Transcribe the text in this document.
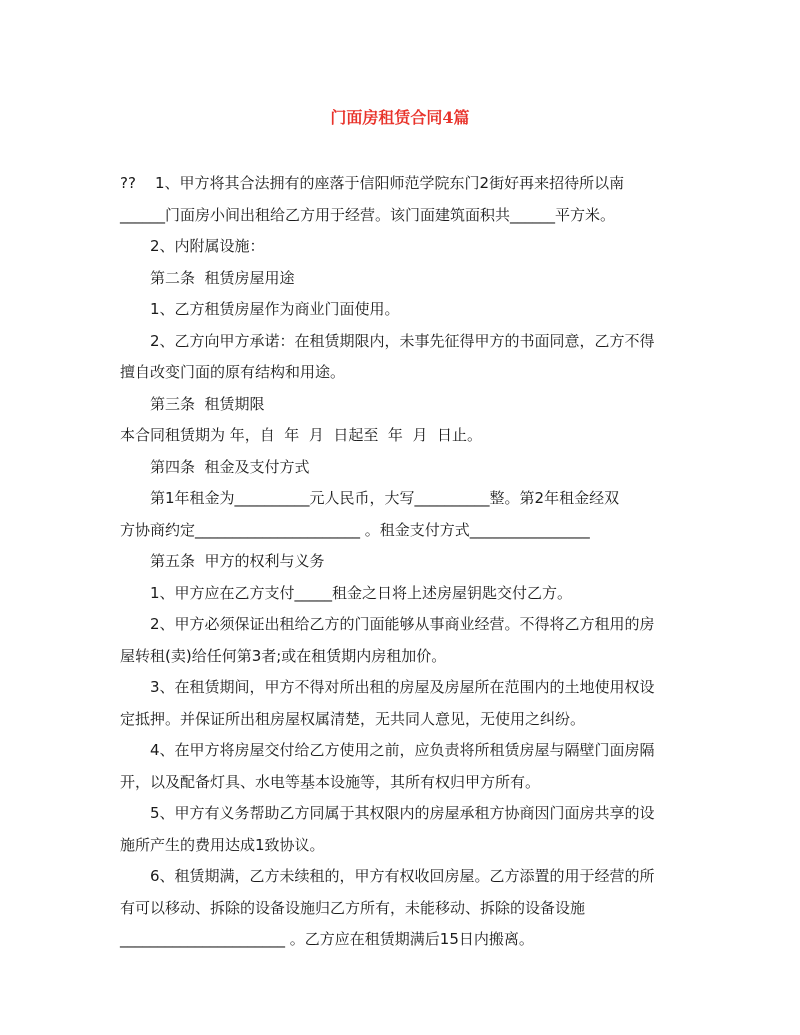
门面房租赁合同4篇

??    1、甲方将其合法拥有的座落于信阳师范学院东门2街好再来招待所以南

______门面房小间出租给乙方用于经营。该门面建筑面积共______平方米。

2、内附属设施：

第二条  租赁房屋用途

1、乙方租赁房屋作为商业门面使用。

2、乙方向甲方承诺：在租赁期限内，未事先征得甲方的书面同意，乙方不得

擅自改变门面的原有结构和用途。

第三条  租赁期限

本合同租赁期为 年，自  年  月  日起至  年  月  日止。

第四条  租金及支付方式

第1年租金为__________元人民币，大写__________整。第2年租金经双

方协商约定______________________ 。租金支付方式________________

第五条  甲方的权利与义务

1、甲方应在乙方支付_____租金之日将上述房屋钥匙交付乙方。

2、甲方必须保证出租给乙方的门面能够从事商业经营。不得将乙方租用的房

屋转租(卖)给任何第3者;或在租赁期内房租加价。

3、在租赁期间，甲方不得对所出租的房屋及房屋所在范围内的土地使用权设

定抵押。并保证所出租房屋权属清楚，无共同人意见，无使用之纠纷。

4、在甲方将房屋交付给乙方使用之前，应负责将所租赁房屋与隔壁门面房隔

开，以及配备灯具、水电等基本设施等，其所有权归甲方所有。

5、甲方有义务帮助乙方同属于其权限内的房屋承租方协商因门面房共享的设

施所产生的费用达成1致协议。

6、租赁期满，乙方未续租的，甲方有权收回房屋。乙方添置的用于经营的所

有可以移动、拆除的设备设施归乙方所有，未能移动、拆除的设备设施

______________________ 。乙方应在租赁期满后15日内搬离。
